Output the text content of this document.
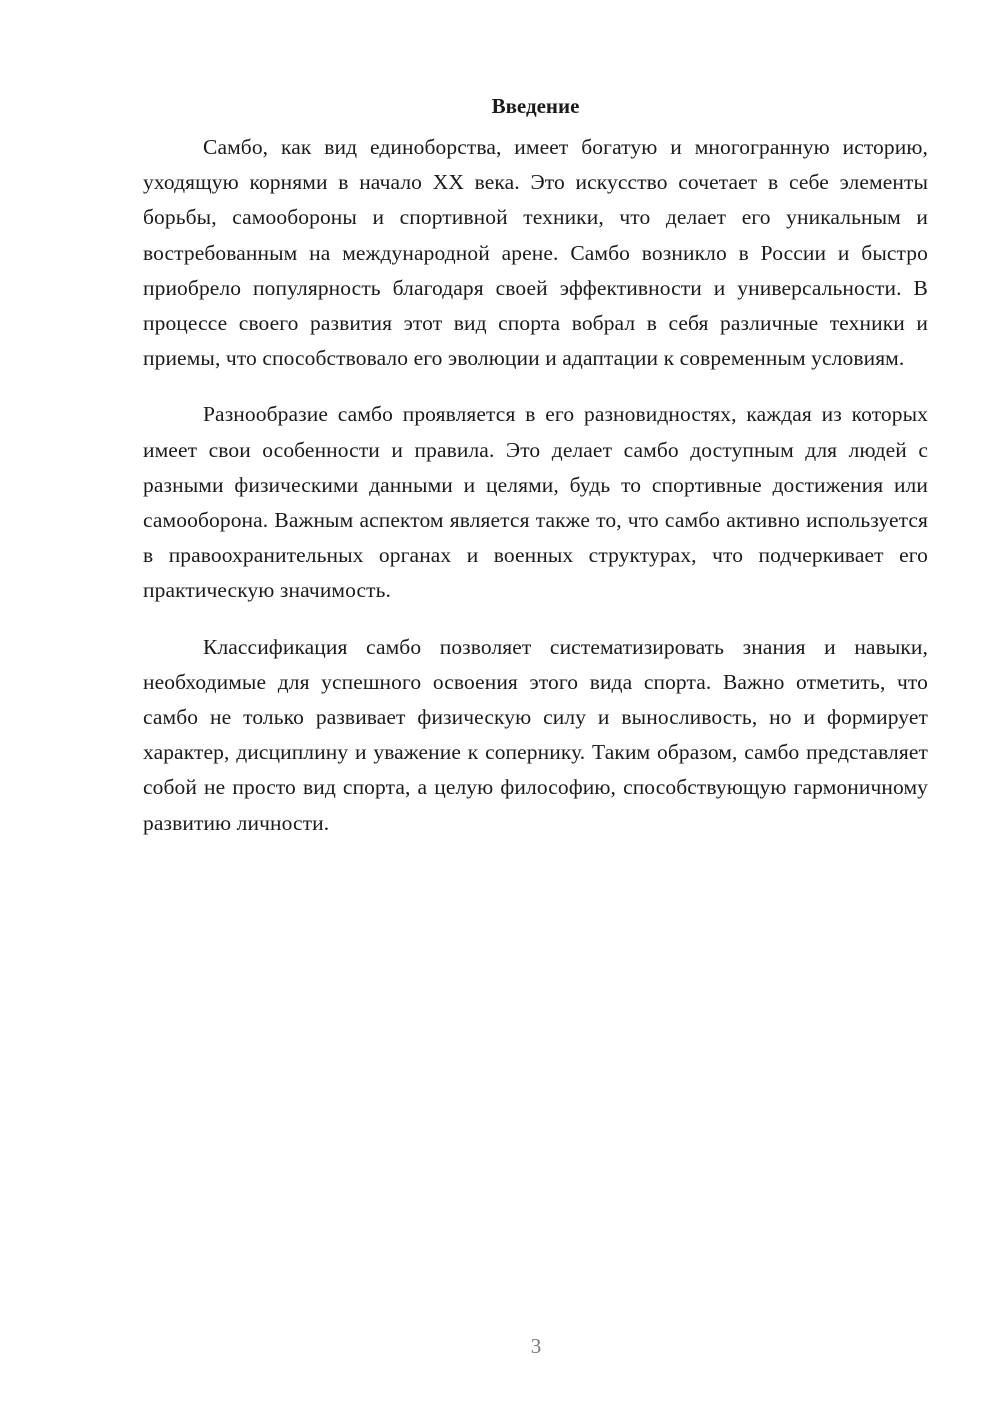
Введение

Самбо, как вид единоборства, имеет богатую и многогранную историю, уходящую корнями в начало XX века. Это искусство сочетает в себе элементы борьбы, самообороны и спортивной техники, что делает его уникальным и востребованным на международной арене. Самбо возникло в России и быстро приобрело популярность благодаря своей эффективности и универсальности. В процессе своего развития этот вид спорта вобрал в себя различные техники и приемы, что способствовало его эволюции и адаптации к современным условиям.

Разнообразие самбо проявляется в его разновидностях, каждая из которых имеет свои особенности и правила. Это делает самбо доступным для людей с разными физическими данными и целями, будь то спортивные достижения или самооборона. Важным аспектом является также то, что самбо активно используется в правоохранительных органах и военных структурах, что подчеркивает его практическую значимость.

Классификация самбо позволяет систематизировать знания и навыки, необходимые для успешного освоения этого вида спорта. Важно отметить, что самбо не только развивает физическую силу и выносливость, но и формирует характер, дисциплину и уважение к сопернику. Таким образом, самбо представляет собой не просто вид спорта, а целую философию, способствующую гармоничному развитию личности.

3
